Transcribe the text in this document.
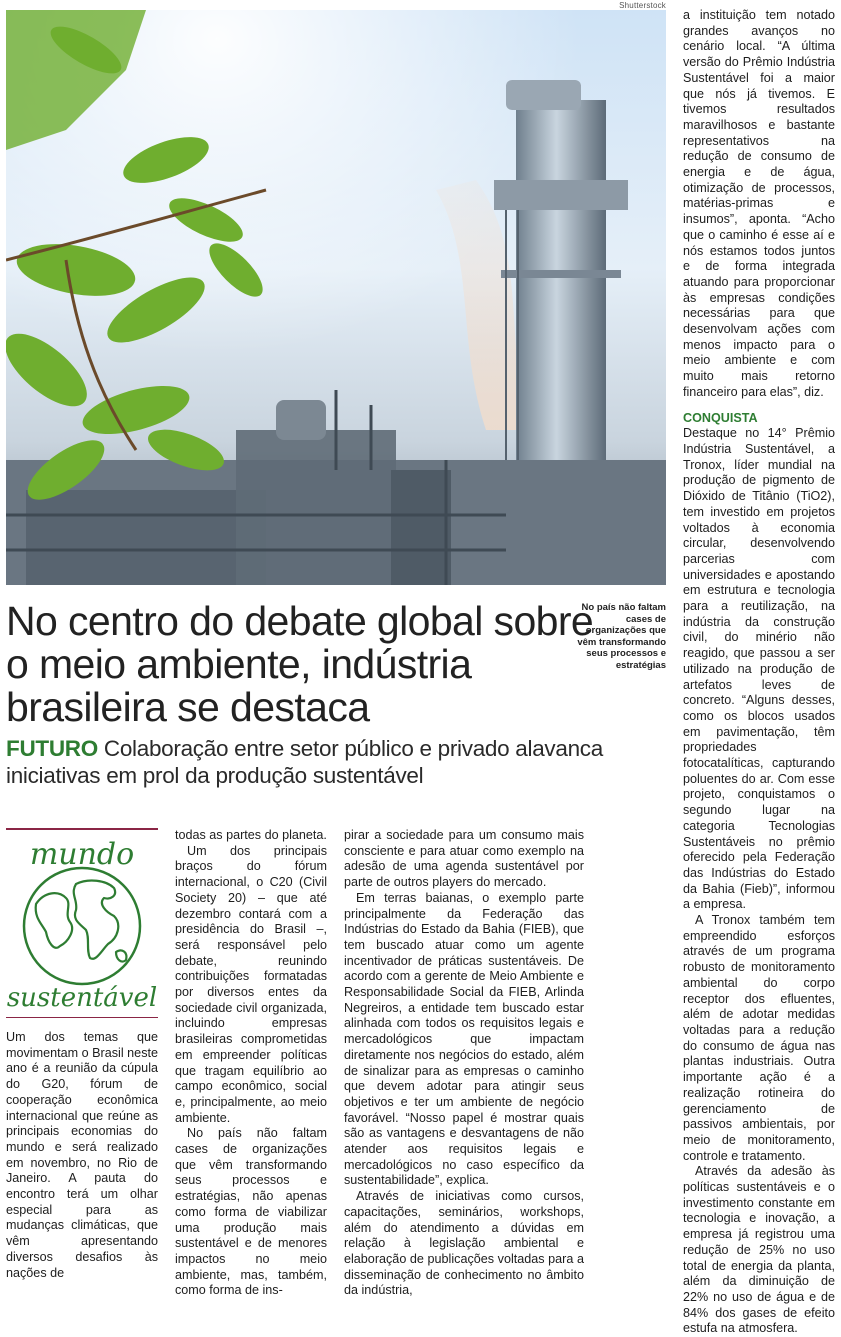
Shutterstock
No centro do debate global sobre o meio ambiente, indústria brasileira se destaca
No país não faltam cases de organizações que vêm transformando seus processos e estratégias
FUTURO Colaboração entre setor público e privado alavanca iniciativas em prol da produção sustentável
mundo
sustentável

Um dos temas que movimentam o Brasil neste ano é a reunião da cúpula do G20, fórum de cooperação econômica internacional que reúne as principais economias do mundo e será realizado em novembro, no Rio de Janeiro. A pauta do encontro terá um olhar especial para as mudanças climáticas, que vêm apresentando diversos desafios às nações de

todas as partes do planeta.

Um dos principais braços do fórum internacional, o C20 (Civil Society 20) – que até dezembro contará com a presidência do Brasil –, será responsável pelo debate, reunindo contribuições formatadas por diversos entes da sociedade civil organizada, incluindo empresas brasileiras comprometidas em empreender políticas que tragam equilíbrio ao campo econômico, social e, principalmente, ao meio ambiente.

No país não faltam cases de organizações que vêm transformando seus processos e estratégias, não apenas como forma de viabilizar uma produção mais sustentável e de menores impactos no meio ambiente, mas, também, como forma de ins-

pirar a sociedade para um consumo mais consciente e para atuar como exemplo na adesão de uma agenda sustentável por parte de outros players do mercado.

Em terras baianas, o exemplo parte principalmente da Federação das Indústrias do Estado da Bahia (FIEB), que tem buscado atuar como um agente incentivador de práticas sustentáveis. De acordo com a gerente de Meio Ambiente e Responsabilidade Social da FIEB, Arlinda Negreiros, a entidade tem buscado estar alinhada com todos os requisitos legais e mercadológicos que impactam diretamente nos negócios do estado, além de sinalizar para as empresas o caminho que devem adotar para atingir seus objetivos e ter um ambiente de negócio favorável. “Nosso papel é mostrar quais são as vantagens e desvantagens de não atender aos requisitos legais e mercadológicos no caso específico da sustentabilidade”, explica.

Através de iniciativas como cursos, capacitações, seminários, workshops, além do atendimento a dúvidas em relação à legislação ambiental e elaboração de publicações voltadas para a disseminação de conhecimento no âmbito da indústria,

a instituição tem notado grandes avanços no cenário local. “A última versão do Prêmio Indústria Sustentável foi a maior que nós já tivemos. E tivemos resultados maravilhosos e bastante representativos na redução de consumo de energia e de água, otimização de processos, matérias-primas e insumos”, aponta. “Acho que o caminho é esse aí e nós estamos todos juntos e de forma integrada atuando para proporcionar às empresas condições necessárias para que desenvolvam ações com menos impacto para o meio ambiente e com muito mais retorno financeiro para elas”, diz.

CONQUISTA

Destaque no 14° Prêmio Indústria Sustentável, a Tronox, líder mundial na produção de pigmento de Dióxido de Titânio (TiO2), tem investido em projetos voltados à economia circular, desenvolvendo parcerias com universidades e apostando em estrutura e tecnologia para a reutilização, na indústria da construção civil, do minério não reagido, que passou a ser utilizado na produção de artefatos leves de concreto. “Alguns desses, como os blocos usados em pavimentação, têm propriedades fotocatalíticas, capturando poluentes do ar. Com esse projeto, conquistamos o segundo lugar na categoria Tecnologias Sustentáveis no prêmio oferecido pela Federação das Indústrias do Estado da Bahia (Fieb)”, informou a empresa.

A Tronox também tem empreendido esforços através de um programa robusto de monitoramento ambiental do corpo receptor dos efluentes, além de adotar medidas voltadas para a redução do consumo de água nas plantas industriais. Outra importante ação é a realização rotineira do gerenciamento de passivos ambientais, por meio de monitoramento, controle e tratamento.

Através da adesão às políticas sustentáveis e o investimento constante em tecnologia e inovação, a empresa já registrou uma redução de 25% no uso total de energia da planta, além da diminuição de 22% no uso de água e de 84% dos gases de efeito estufa na atmosfera.
